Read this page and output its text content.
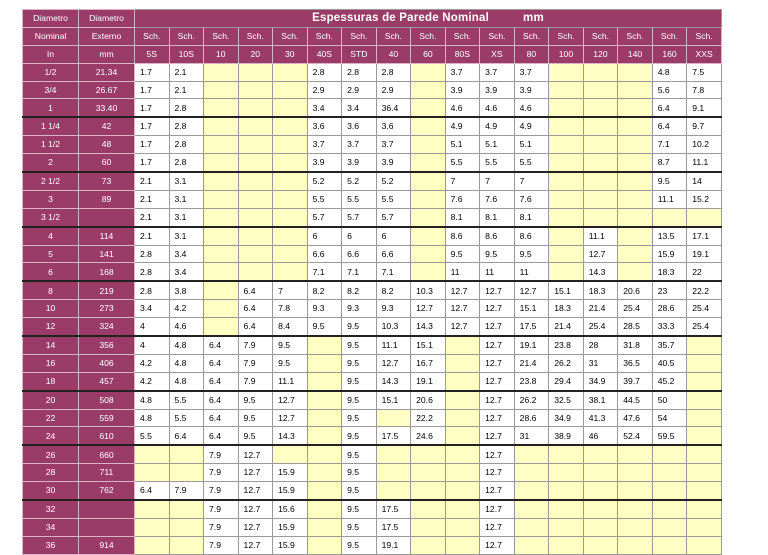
Diametro	Diametro	Espessuras de Parede Nominal mm																
Nominal	Externo	Sch.	Sch.	Sch.	Sch.	Sch.	Sch.	Sch.	Sch.	Sch.	Sch.	Sch.	Sch.	Sch.	Sch.	Sch.	Sch.	Sch.
In	mm	5S	10S	10	20	30	40S	STD	40	60	80S	XS	80	100	120	140	160	XXS
1/2	21.34	1.7	2.1				2.8	2.8	2.8		3.7	3.7	3.7				4.8	7.5
3/4	26.67	1.7	2.1				2.9	2.9	2.9		3.9	3.9	3.9				5.6	7.8
1	33.40	1.7	2.8				3.4	3.4	36.4		4.6	4.6	4.6				6.4	9.1
1 1/4	42	1.7	2.8				3.6	3.6	3.6		4.9	4.9	4.9				6.4	9.7
1 1/2	48	1.7	2.8				3.7	3.7	3.7		5.1	5.1	5.1				7.1	10.2
2	60	1.7	2.8				3.9	3.9	3.9		5.5	5.5	5.5				8.7	11.1
2 1/2	73	2.1	3.1				5.2	5.2	5.2		7	7	7				9.5	14
3	89	2.1	3.1				5.5	5.5	5.5		7.6	7.6	7.6				11.1	15.2
3 1/2		2.1	3.1				5.7	5.7	5.7		8.1	8.1	8.1					
4	114	2.1	3.1				6	6	6		8.6	8.6	8.6		11.1		13.5	17.1
5	141	2.8	3.4				6.6	6.6	6.6		9.5	9.5	9.5		12.7		15.9	19.1
6	168	2.8	3.4				7.1	7.1	7.1		11	11	11		14.3		18.3	22
8	219	2.8	3.8		6.4	7	8.2	8.2	8.2	10.3	12.7	12.7	12.7	15.1	18.3	20.6	23	22.2
10	273	3.4	4.2		6.4	7.8	9.3	9.3	9.3	12.7	12.7	12.7	15.1	18.3	21.4	25.4	28.6	25.4
12	324	4	4.6		6.4	8.4	9.5	9.5	10.3	14.3	12.7	12.7	17.5	21.4	25.4	28.5	33.3	25.4
14	356	4	4.8	6.4	7.9	9.5		9.5	11.1	15.1		12.7	19.1	23.8	28	31.8	35.7	
16	406	4.2	4.8	6.4	7.9	9.5		9.5	12.7	16.7		12.7	21.4	26.2	31	36.5	40.5	
18	457	4.2	4.8	6.4	7.9	11.1		9.5	14.3	19.1		12.7	23.8	29.4	34.9	39.7	45.2	
20	508	4.8	5.5	6.4	9.5	12.7		9.5	15.1	20.6		12.7	26.2	32.5	38.1	44.5	50	
22	559	4.8	5.5	6.4	9.5	12.7		9.5		22.2		12.7	28.6	34.9	41.3	47.6	54	
24	610	5.5	6.4	6.4	9.5	14.3		9.5	17.5	24.6		12.7	31	38.9	46	52.4	59.5	
26	660			7.9	12.7			9.5				12.7						
28	711			7.9	12.7	15.9		9.5				12.7						
30	762	6.4	7.9	7.9	12.7	15.9		9.5				12.7						
32				7.9	12.7	15.6		9.5	17.5			12.7						
34				7.9	12.7	15.9		9.5	17.5			12.7						
36	914			7.9	12.7	15.9		9.5	19.1			12.7						
